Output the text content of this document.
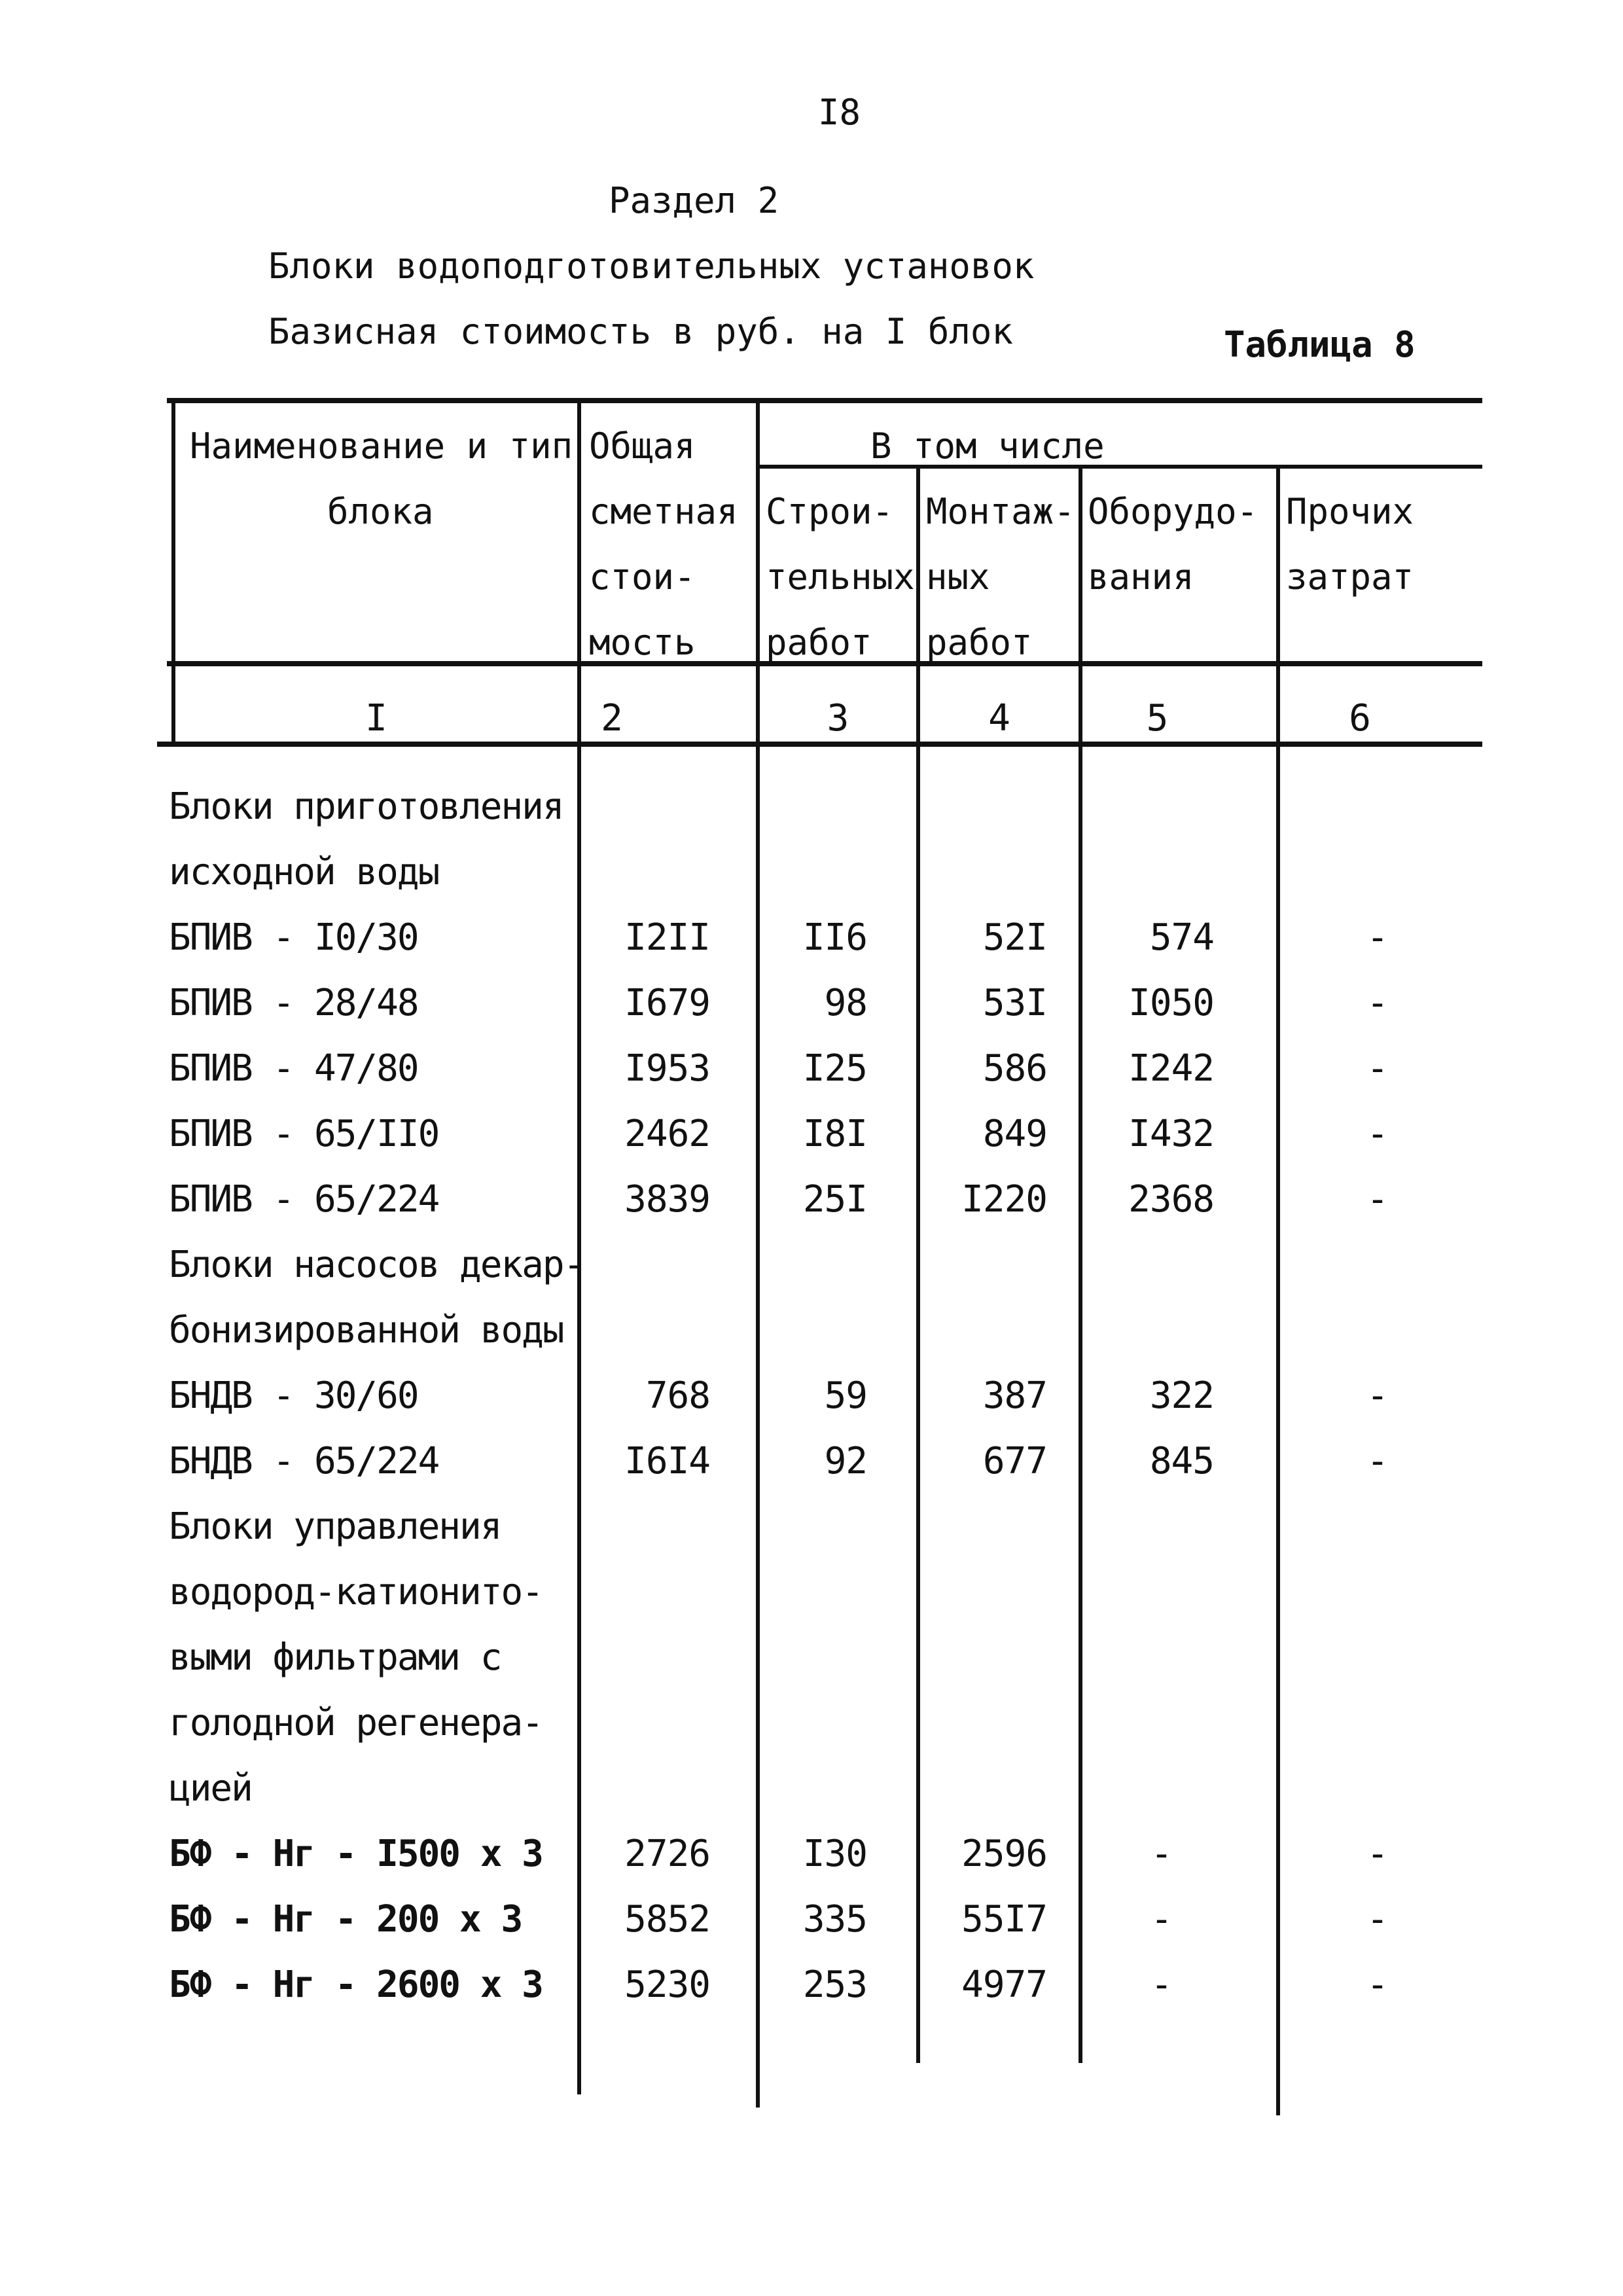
I8
Раздел 2
Блоки водоподготовительных установок
Базисная стоимость в руб. на I блок	Таблица 8
Наименование и тип
блока
Общая
сметная
стои-
мость
В том числе
Строи-
тельных
работ
Монтаж-
ных
работ
Оборудо-
вания
Прочих
затрат
I	2	3	4	5	6
Блоки приготовления
исходной воды
БПИВ - I0/30	I2II	II6	52I	574	-
БПИВ - 28/48	I679	98	53I	I050	-
БПИВ - 47/80	I953	I25	586	I242	-
БПИВ - 65/II0	2462	I8I	849	I432	-
БПИВ - 65/224	3839	25I	I220	2368	-
Блоки насосов декар-
бонизированной воды
БНДВ - 30/60	768	59	387	322	-
БНДВ - 65/224	I6I4	92	677	845	-
Блоки управления
водород-катионито-
выми фильтрами с
голодной регенера-
цией
БФ - Нг - I500 х 3	2726	I30	2596	-	-
БФ - Нг - 200 х 3	5852	335	55I7	-	-
БФ - Нг - 2600 х 3	5230	253	4977	-	-
